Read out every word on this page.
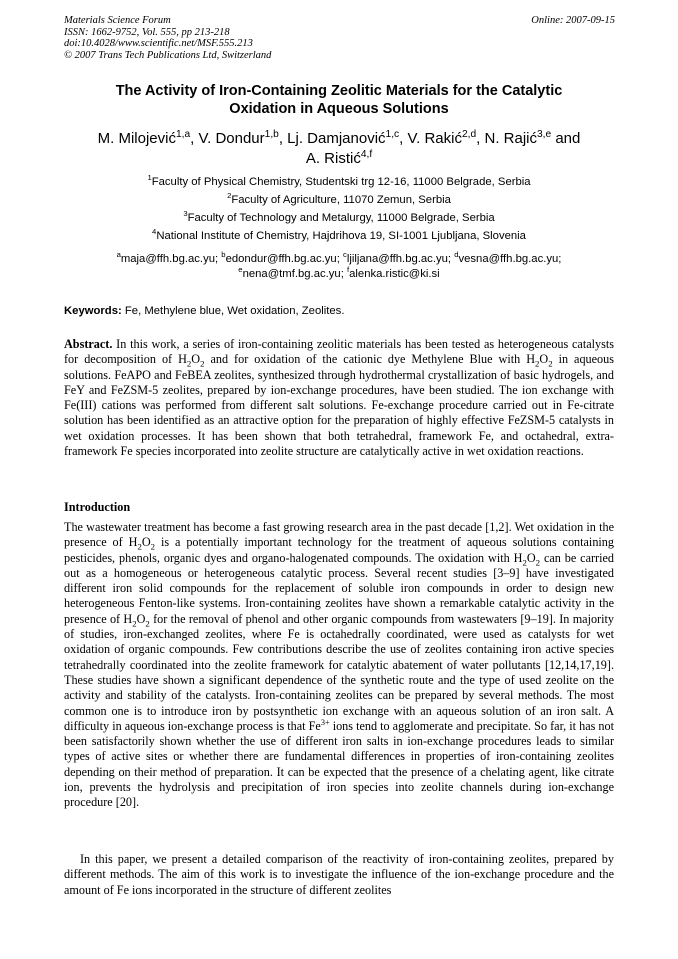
Materials Science Forum
ISSN: 1662-9752, Vol. 555, pp 213-218
doi:10.4028/www.scientific.net/MSF.555.213
© 2007 Trans Tech Publications Ltd, Switzerland
Online: 2007-09-15
The Activity of Iron-Containing Zeolitic Materials for the Catalytic
Oxidation in Aqueous Solutions
M. Milojević$^{1,a}$, V. Dondur$^{1,b}$, Lj. Damjanović$^{1,c}$, V. Rakić$^{2,d}$, N. Rajić$^{3,e}$ and
A. Ristić$^{4,f}$
$^1$Faculty of Physical Chemistry, Studentski trg 12-16, 11000 Belgrade, Serbia
$^2$Faculty of Agriculture, 11070 Zemun, Serbia
$^3$Faculty of Technology and Metalurgy, 11000 Belgrade, Serbia
$^4$National Institute of Chemistry, Hajdrihova 19, SI-1001 Ljubljana, Slovenia
$^a$maja@ffh.bg.ac.yu; $^b$edondur@ffh.bg.ac.yu; $^c$ljiljana@ffh.bg.ac.yu; $^d$vesna@ffh.bg.ac.yu;
$^e$nena@tmf.bg.ac.yu; $^f$alenka.ristic@ki.si
Keywords: Fe, Methylene blue, Wet oxidation, Zeolites.
Abstract. In this work, a series of iron-containing zeolitic materials has been tested as heterogeneous catalysts for decomposition of $H_2O_2$ and for oxidation of the cationic dye Methylene Blue with $H_2O_2$ in aqueous solutions. FeAPO and FeBEA zeolites, synthesized through hydrothermal crystallization of basic hydrogels, and FeY and FeZSM-5 zeolites, prepared by ion-exchange procedures, have been studied. The ion exchange with Fe(III) cations was performed from different salt solutions. Fe-exchange procedure carried out in Fe-citrate solution has been identified as an attractive option for the preparation of highly effective FeZSM-5 catalysts in wet oxidation processes. It has been shown that both tetrahedral, framework Fe, and octahedral, extra-framework Fe species incorporated into zeolite structure are catalytically active in wet oxidation reactions.
Introduction
The wastewater treatment has become a fast growing research area in the past decade [1,2]. Wet oxidation in the presence of $H_2O_2$ is a potentially important technology for the treatment of aqueous solutions containing pesticides, phenols, organic dyes and organo-halogenated compounds. The oxidation with $H_2O_2$ can be carried out as a homogeneous or heterogeneous catalytic process. Several recent studies [3–9] have investigated different iron solid compounds for the replacement of soluble iron compounds in order to design new heterogeneous Fenton-like systems. Iron-containing zeolites have shown a remarkable catalytic activity in the presence of $H_2O_2$ for the removal of phenol and other organic compounds from wastewaters [9–19]. In majority of studies, iron-exchanged zeolites, where Fe is octahedrally coordinated, were used as catalysts for wet oxidation of organic compounds. Few contributions describe the use of zeolites containing iron active species tetrahedrally coordinated into the zeolite framework for catalytic abatement of water pollutants [12,14,17,19]. These studies have shown a significant dependence of the synthetic route and the type of used zeolite on the activity and stability of the catalysts. Iron-containing zeolites can be prepared by several methods. The most common one is to introduce iron by postsynthetic ion exchange with an aqueous solution of an iron salt. A difficulty in aqueous ion-exchange process is that $Fe^{3+}$ ions tend to agglomerate and precipitate. So far, it has not been satisfactorily shown whether the use of different iron salts in ion-exchange procedures leads to similar types of active sites or whether there are fundamental differences in properties of iron-containing zeolites depending on their method of preparation. It can be expected that the presence of a chelating agent, like citrate ion, prevents the hydrolysis and precipitation of iron species into zeolite channels during ion-exchange procedure [20].
In this paper, we present a detailed comparison of the reactivity of iron-containing zeolites, prepared by different methods. The aim of this work is to investigate the influence of the ion-exchange procedure and the amount of Fe ions incorporated in the structure of different zeolites
